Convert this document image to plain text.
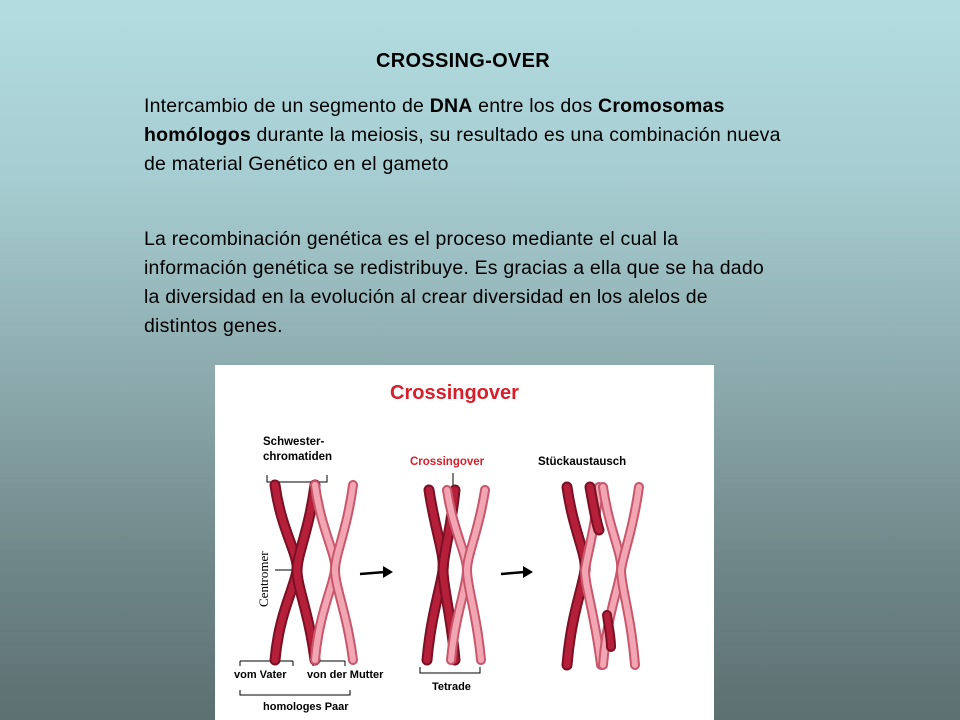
CROSSING-OVER

Intercambio de un segmento de DNA entre los dos Cromosomas homólogos durante la meiosis, su resultado es una combinación nueva de material Genético en el gameto

La recombinación genética es el proceso mediante el cual la información genética se redistribuye. Es gracias a ella que se ha dado la diversidad en la evolución al crear diversidad en los alelos de distintos genes.

Crossingover
Schwester-
chromatiden	Crossingover	Stückaustausch
Centromer
vom Vater von der Mutter
Tetrade
homologes Paar
